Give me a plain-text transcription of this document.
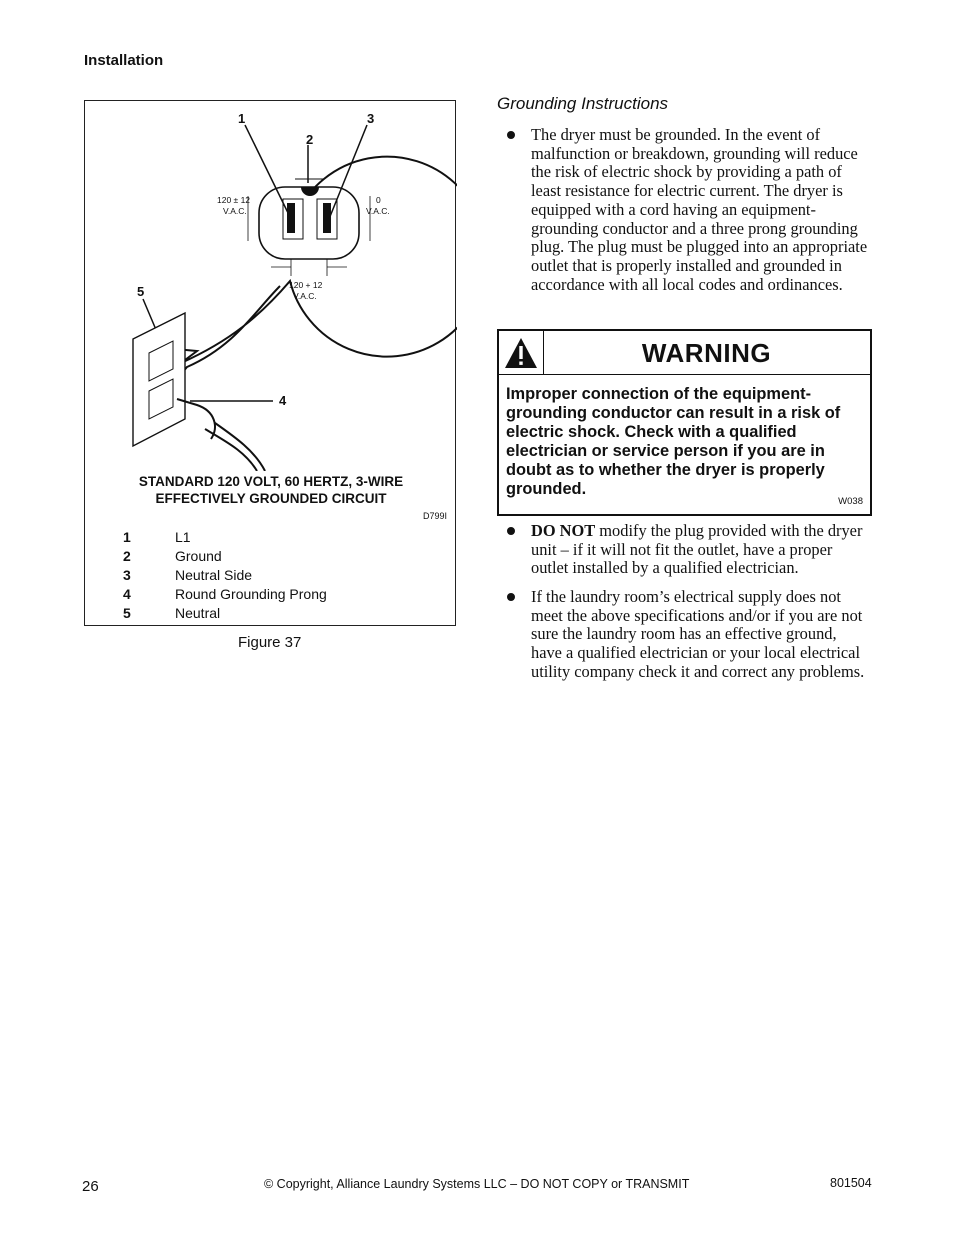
Installation
1
2
3
5
4
120 ± 12
V.A.C.
0
V.A.C.
120 + 12
V.A.C.
STANDARD 120 VOLT, 60 HERTZ, 3-WIRE
EFFECTIVELY GROUNDED CIRCUIT
D799I
1	L1
2	Ground
3	Neutral Side
4	Round Grounding Prong
5	Neutral
Figure 37
Grounding Instructions
The dryer must be grounded. In the event of malfunction or breakdown, grounding will reduce the risk of electric shock by providing a path of least resistance for electric current. The dryer is equipped with a cord having an equipment-grounding conductor and a three prong grounding plug. The plug must be plugged into an appropriate outlet that is properly installed and grounded in accordance with all local codes and ordinances.
WARNING
Improper connection of the equipment-grounding conductor can result in a risk of electric shock. Check with a qualified electrician or service person if you are in doubt as to whether the dryer is properly grounded.
W038
DO NOT modify the plug provided with the dryer unit – if it will not fit the outlet, have a proper outlet installed by a qualified electrician.
If the laundry room’s electrical supply does not meet the above specifications and/or if you are not sure the laundry room has an effective ground, have a qualified electrician or your local electrical utility company check it and correct any problems.
26	© Copyright, Alliance Laundry Systems LLC – DO NOT COPY or TRANSMIT	801504
